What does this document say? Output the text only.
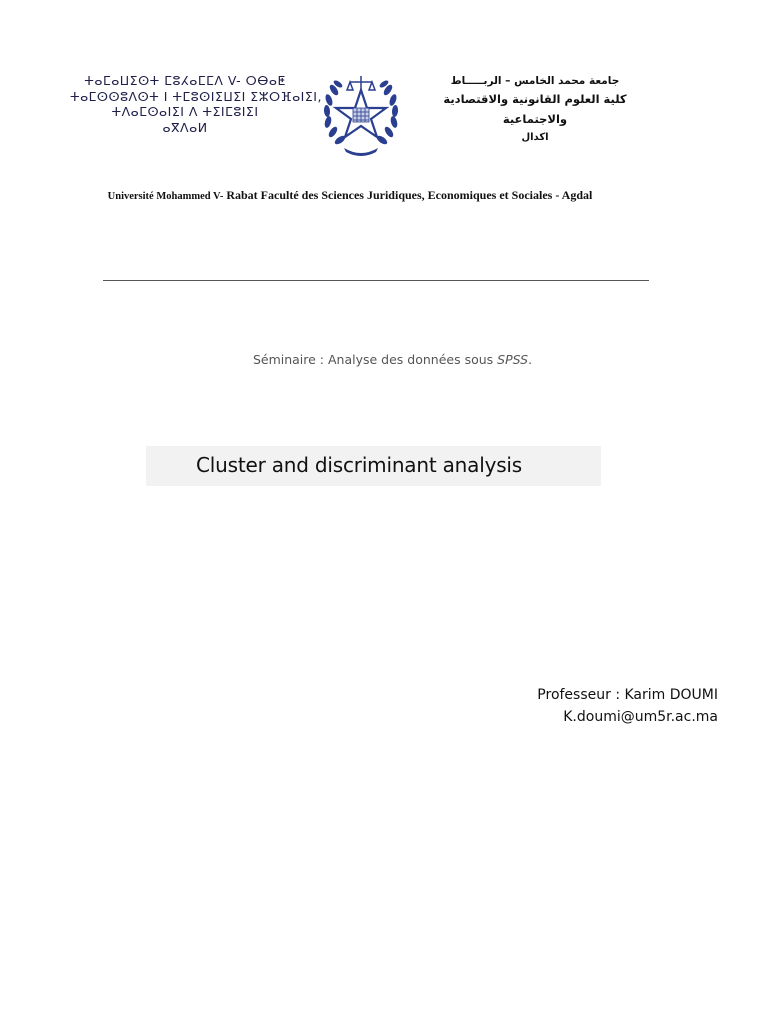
ⵜⴰⵎⴰⵡⵉⵙⵜ ⵎⵓⵃⴰⵎⵎⴷ V- ⵔⴱⴰⵟ
ⵜⴰⵎⵙⵙⵓⴷⵙⵜ ⵏ ⵜⵎⵓⵙⵏⵉⵡⵉⵏ ⵉⵣⵔⴼⴰⵏⵉⵏ,
ⵜⴷⴰⵎⵙⴰⵏⵉⵏ ⴷ ⵜⵉⵏⵎⵓⵏⵉⵏ
ⴰⴳⴷⴰⵍ
جامعة محمد الخامس – الربـــــاط
كلية العلوم القانونية والاقتصادية والاجتماعية
اكدال
Université Mohammed V- Rabat Faculté des Sciences Juridiques, Economiques et Sociales - Agdal
Séminaire : Analyse des données sous SPSS.
Cluster and discriminant analysis
Professeur : Karim DOUMI
K.doumi@um5r.ac.ma
